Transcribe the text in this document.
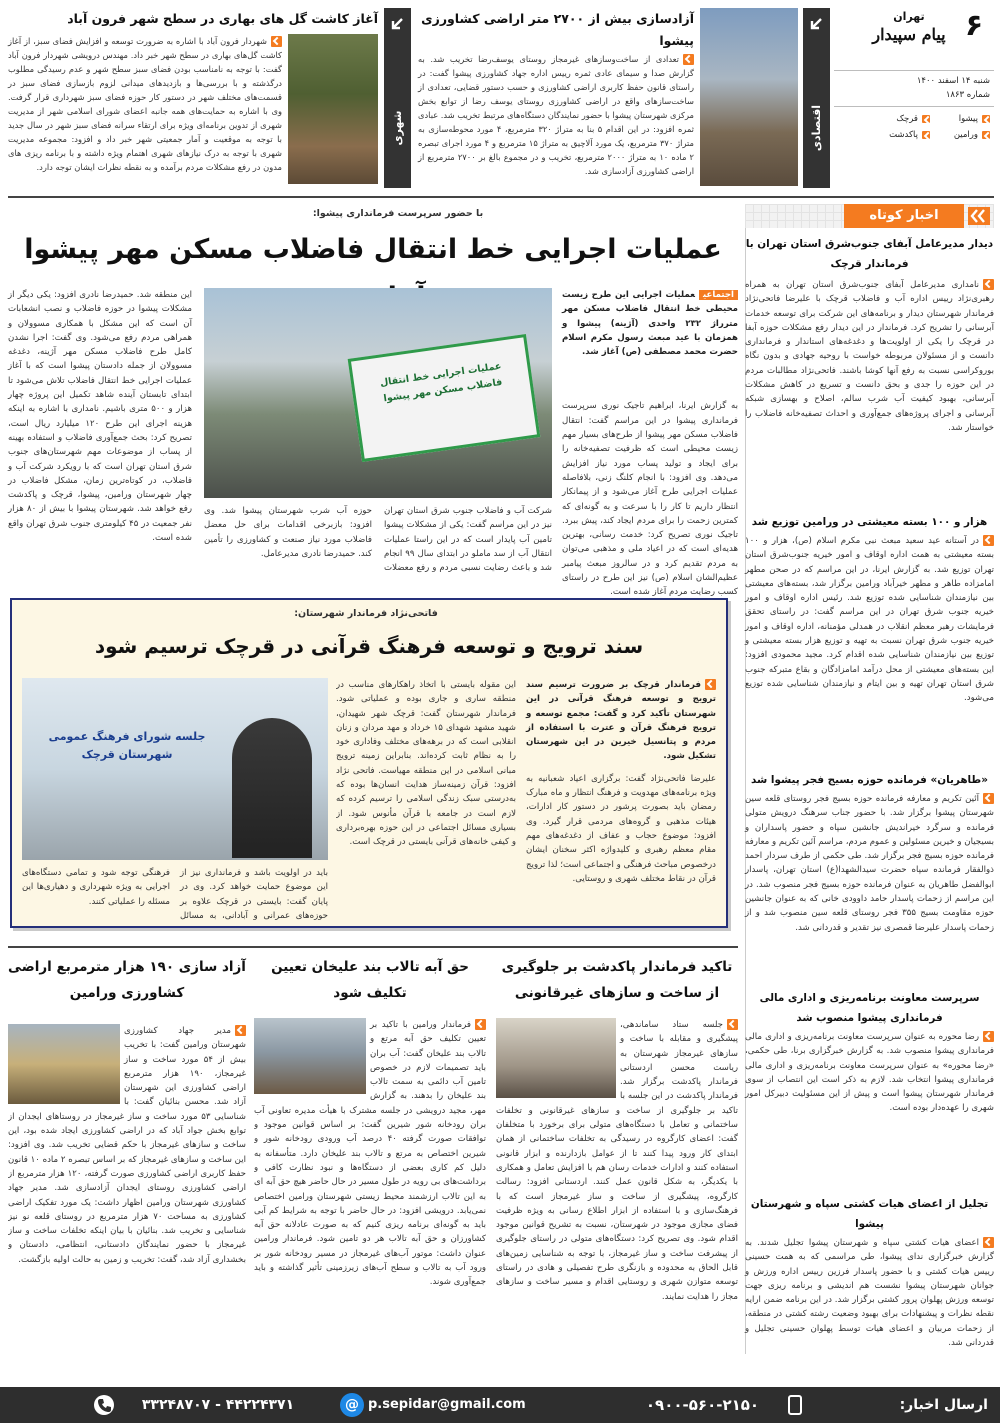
۶
تهران
پیام سپیدار
شنبه ۱۴ اسفند ۱۴۰۰
شماره ۱۸۶۳
پیشوا
قرچک
ورامین
پاکدشت
اقتصادی
آزادسازی بیش از ۲۷۰۰ متر اراضی کشاورزی پیشوا
تعدادی از ساخت‌وسازهای غیرمجاز روستای یوسف‌رضا تخریب شد. به گزارش صدا و سیمای عادی ثمره رییس اداره جهاد کشاورزی پیشوا گفت: در راستای قانون حفظ کاربری اراضی کشاورزی و حسب دستور قضایی، تعدادی از ساخت‌سازهای واقع در اراضی کشاورزی روستای یوسف رضا از توابع بخش مرکزی شهرستان پیشوا با حضور نمایندگان دستگاه‌های مرتبط تخریب شد. عبادی ثمره افزود: در این اقدام ۵ بنا به متراژ ۳۲۰ مترمربع، ۴ مورد محوطه‌سازی به متراژ ۳۷۰ مترمربع، یک مورد آلاچیق به متراژ ۱۵ مترمربع و ۴ مورد اجرای تبصره ۲ ماده ۱۰ به متراژ ۲۰۰۰ مترمربع، تخریب و در مجموع بالغ بر ۲۷۰۰ مترمربع از اراضی کشاورزی آزادسازی شد.
شهری
آغاز کاشت گل های بهاری در سطح شهر فرون آباد
شهردار فرون آباد با اشاره به ضرورت توسعه و افزایش فضای سبز، از آغاز کاشت گل‌های بهاری در سطح شهر خبر داد. مهندس درویشی شهردار فرون آباد گفت: با توجه به نامناسب بودن فضای سبز سطح شهر و عدم رسیدگی مطلوب درگذشته و با بررسی‌ها و بازدیدهای میدانی لزوم بازسازی فضای سبز در قسمت‌های مختلف شهر در دستور کار حوزه فضای سبز شهرداری قرار گرفت. وی با اشاره به حمایت‌های همه جانبه اعضای شورای اسلامی شهر از مدیریت شهری از تدوین برنامه‌ای ویژه برای ارتقاء سرانه فضای سبز شهر در سال جدید با توجه به موقعیت و آمار جمعیتی شهر خبر داد و افزود: مجموعه مدیریت شهری با توجه به درک نیازهای شهری اهتمام ویژه داشته و با برنامه ریزی های مدون در رفع مشکلات مردم برآمده و به نقطه نظرات ایشان توجه دارد.
اخبار کوتاه
دیدار مدیرعامل آبفای جنوب‌شرق استان تهران با فرماندار قرچک
نامداری مدیرعامل آبفای جنوب‌شرق استان تهران به همراه رهبری‌نژاد رییس اداره آب و فاضلاب قرچک با علیرضا فاتحی‌نژاد فرماندار شهرستان دیدار و برنامه‌های این شرکت برای توسعه خدمات آبرسانی را تشریح کرد. فرماندار در این دیدار رفع مشکلات حوزه آبفا در قرچک را یکی از اولویت‌ها و دغدغه‌های استاندار و فرمانداری دانست و از مسئولان مربوطه خواست با روحیه جهادی و بدون نگاه بوروکراسی نسبت به رفع آنها کوشا باشند. فاتحی‌نژاد مطالبات مردم در این حوزه را جدی و بحق دانست و تسریع در کاهش مشکلات آبرسانی، بهبود کیفیت آب شرب سالم، اصلاح و بهسازی شبکه آبرسانی و اجرای پروژه‌های جمع‌آوری و احداث تصفیه‌خانه فاضلاب را خواستار شد.
هزار و ۱۰۰ بسته معیشتی در ورامین توزیع شد
در آستانه عید سعید مبعث نبی مکرم اسلام (ص)، هزار و ۱۰۰ بسته معیشتی به همت اداره اوقاف و امور خیریه جنوب‌شرق استان تهران توزیع شد. به گزارش ایرنا، در این مراسم که در صحن مطهر امامزاده طاهر و مطهر خیرآباد ورامین برگزار شد، بسته‌های معیشتی بین نیازمندان شناسایی شده توزیع شد. رئیس اداره اوقاف و امور خیریه جنوب شرق تهران در این مراسم گفت: در راستای تحقق فرمایشات رهبر معظم انقلاب در همدلی مؤمنانه، اداره اوقاف و امور خیریه جنوب شرق تهران نسبت به تهیه و توزیع هزار بسته معیشتی و توزیع بین نیازمندان شناسایی شده اقدام کرد. مجید محمودی افزود: این بسته‌های معیشتی از محل درآمد امامزادگان و بقاع متبرکه جنوب شرق استان تهران تهیه و بین ایتام و نیازمندان شناسایی شده توزیع می‌شود.
«طاهریان» فرمانده حوزه بسیج فجر پیشوا شد
آئین تکریم و معارفه فرمانده حوزه بسیج فجر روستای قلعه سین شهرستان پیشوا برگزار شد. با حضور جناب سرهنگ درویش متولی فرمانده و سرگرد خیراندیش جانشین سپاه و حضور پاسداران و بسیجیان و خیرین مسئولین و عموم مردم، مراسم آئین تکریم و معارفه فرمانده حوزه بسیج فجر برگزار شد. طی حکمی از طرف سردار احمد ذوالفقار فرمانده سپاه حضرت سیدالشهدا(ع) استان تهران، پاسدار ابوالفضل طاهریان به عنوان فرمانده حوزه بسیج فجر منصوب شد. در این مراسم از زحمات پاسدار حامد داوودی خانی که به عنوان جانشین حوزه مقاومت بسیج ۳۵۵ فجر روستای قلعه سین منصوب شد و از زحمات پاسدار علیرضا قمصری نیز تقدیر و قدردانی شد.
سرپرست معاونت برنامه‌ریزی و اداری مالی فرمانداری پیشوا منصوب شد
رضا محوره به عنوان سرپرست معاونت برنامه‌ریزی و اداری مالی فرمانداری پیشوا منصوب شد. به گزارش خبرگزاری برنا، طی حکمی، «رضا محوره» به عنوان سرپرست معاونت برنامه‌ریزی و اداری مالی فرمانداری پیشوا انتخاب شد. لازم به ذکر است این انتصاب از سوی فرماندار شهرستان پیشوا است و پیش از این مسئولیت دبیرکل امور شهری را عهده‌دار بوده است.
تجلیل از اعضای هیات کشتی سپاه و شهرستان پیشوا
اعضای هیات کشتی سپاه و شهرستان پیشوا تجلیل شدند. به گزارش خبرگزاری ندای پیشوا، طی مراسمی که به همت حسینی رییس هیات کشتی و با حضور پاسدار فرزین رییس اداره ورزش و جوانان شهرستان پیشوا نشست هم اندیشی و برنامه ریزی جهت توسعه ورزش پهلوان پرور کشتی برگزار شد. در این برنامه ضمن ارایه نقطه نظرات و پیشنهادات برای بهبود وضعیت رشته کشتی در منطقه، از زحمات مربیان و اعضای هیات توسط پهلوان حسینی تجلیل و قدردانی شد.
با حضور سرپرست فرمانداری پیشوا:
عملیات اجرایی خط انتقال فاضلاب مسکن مهر پیشوا
اجتماعیعملیات اجرایی این طرح زیست محیطی خط انتقال فاضلاب مسکن مهر مترراژ ۲۳۲ واحدی (آژینه) پیشوا و همزمان با عید مبعث رسول مکرم اسلام حضرت محمد مصطفی (ص) آغاز شد.
به گزارش ایرنا، ابراهیم تاجیک نوری سرپرست فرمانداری پیشوا در این مراسم گفت: انتقال فاضلاب مسکن مهر پیشوا از طرح‌های بسیار مهم زیست محیطی است که ظرفیت تصفیه‌خانه را برای ایجاد و تولید پساب مورد نیاز افزایش می‌دهد. وی افزود: با انجام کلنگ زنی، بلافاصله عملیات اجرایی طرح آغاز می‌شود و از پیمانکار انتظار داریم تا کار را با سرعت و به گونه‌ای که کمترین زحمت را برای مردم ایجاد کند، پیش ببرد. تاجیک نوری تصریح کرد: خدمت رسانی، بهترین هدیه‌ای است که در اعیاد ملی و مذهبی می‌توان به مردم تقدیم کرد و در سالروز مبعث پیامبر عظیم‌الشان اسلام (ص) نیز این طرح در راستای کسب رضایت مردم آغاز شده است.
عملیات اجرایی خط انتقال فاضلاب مسکن مهر پیشوا
شرکت آب و فاضلاب جنوب شرق استان تهران نیز در این مراسم گفت: یکی از مشکلات پیشوا تامین آب پایدار است که در این راستا عملیات انتقال آب از سد ماملو در ابتدای سال ۹۹ انجام شد و باعث رضایت نسبی مردم و رفع معضلات حوزه آب شرب شهرستان پیشوا شد. وی افزود: بازبرخی اقدامات برای حل معضل فاضلاب مورد نیاز صنعت و کشاورزی را تأمین کند. حمیدرضا نادری مدیرعامل.
این منطقه شد. حمیدرضا نادری افزود: یکی دیگر از مشکلات پیشوا در حوزه فاضلاب و نصب انشعابات آن است که این مشکل با همکاری مسوولان و همراهی مردم رفع می‌شود. وی گفت: اجرا نشدن کامل طرح فاضلاب مسکن مهر آژینه، دغدغه مسوولان از جمله دادستان پیشوا است که با آغاز عملیات اجرایی خط انتقال فاضلاب تلاش می‌شود تا ابتدای تابستان آینده شاهد تکمیل این پروژه چهار هزار و ۵۰۰ متری باشیم. نامداری با اشاره به اینکه هزینه اجرای این طرح ۱۲۰ میلیارد ریال است، تصریح کرد: بحث جمع‌آوری فاضلاب و استفاده بهینه از پساب از موضوعات مهم شهرستان‌های جنوب شرق استان تهران است که با رویکرد شرکت آب و فاضلاب، در کوتاه‌ترین زمان، مشکل فاضلاب در چهار شهرستان ورامین، پیشوا، قرچک و پاکدشت رفع خواهد شد. شهرستان پیشوا با بیش از ۸۰ هزار نفر جمعیت در ۴۵ کیلومتری جنوب شرق تهران واقع شده است.
فاتحی‌نژاد فرماندار شهرستان:
سند ترویج و توسعه فرهنگ قرآنی در قرچک ترسیم شود
فرماندار قرچک بر ضرورت ترسیم سند ترویج و توسعه فرهنگ قرآنی در این شهرستان تأکید کرد و گفت: مجمع توسعه و ترویج فرهنگ قرآن و عترت با استفاده از مردم و پتانسیل خیرین در این شهرستان تشکیل شود.
علیرضا فاتحی‌نژاد گفت: برگزاری اعیاد شعبانیه به ویژه برنامه‌های مهدویت و فرهنگ انتظار و ماه مبارک رمضان باید بصورت پرشور در دستور کار ادارات، هیئات مذهبی و گروه‌های مردمی قرار گیرد. وی افزود: موضوع حجاب و عفاف از دغدغه‌های مهم مقام معظم رهبری و کلیدواژه اکثر سخنان ایشان درخصوص مباحث فرهنگی و اجتماعی است؛ لذا ترویج قرآن در نقاط مختلف شهری و روستایی.
این مقوله بایستی با اتخاذ راهکارهای مناسب در منطقه ساری و جاری بوده و عملیاتی شود. فرماندار شهرستان گفت: قرچک شهر شهیدان، شهید مشهد شهدای ۱۵ خرداد و مهد مردان و زنان انقلابی است که در برهه‌های مختلف وفاداری خود را به نظام ثابت کرده‌اند. بنابراین زمینه ترویج مبانی اسلامی در این منطقه مهیاست. فاتحی نژاد افزود: قرآن زمینه‌ساز هدایت انسان‌ها بوده که به‌درستی سبک زندگی اسلامی را ترسیم کرده که لازم است در جامعه با قرآن مأنوس شود. از بسیاری مسائل اجتماعی در این حوزه بهره‌برداری و کیفی خانه‌های قرآنی بایستی در قرچک است.
جلسه شورای فرهنگ عمومی شهرستان قرچک
باید در اولویت باشد و فرمانداری نیز از این موضوع حمایت خواهد کرد. وی در پایان گفت: بایستی در قرچک علاوه بر حوزه‌های عمرانی و آبادانی، به مسائل فرهنگی توجه شود و تمامی دستگاه‌های اجرایی به ویژه شهرداری و دهیاری‌ها این مسئله را عملیاتی کنند.
تاکید فرماندار پاکدشت بر جلوگیری از ساخت و سازهای غیرقانونی
جلسه ستاد ساماندهی، پیشگیری و مقابله با ساخت و سازهای غیرمجاز شهرستان به ریاست محسن اردستانی فرماندار پاکدشت برگزار شد. فرماندار پاکدشت در این جلسه با تاکید بر جلوگیری از ساخت و سازهای غیرقانونی و تخلفات ساختمانی و تعامل با دستگاه‌های متولی برای برخورد با متخلفان گفت: اعضای کارگروه در رسیدگی به تخلفات ساختمانی از همان ابتدای کار ورود پیدا کنند تا از عوامل بازدارنده و ابزار قانونی استفاده کنند و ادارات خدمات رسان هم با افزایش تعامل و همکاری با یکدیگر، به شکل قانون عمل کنند. اردستانی افزود: رسالت کارگروه، پیشگیری از ساخت و ساز غیرمجاز است که با فرهنگ‌سازی و با استفاده از ابزار اطلاع رسانی به ویژه ظرفیت فضای مجازی موجود در شهرستان، نسبت به تشریح قوانین موجود اقدام شود. وی تصریح کرد: دستگاه‌های متولی در راستای جلوگیری از پیشرفت ساخت و ساز غیرمجاز، با توجه به شناسایی زمین‌های قابل الحاق به محدوده و بازنگری طرح تفصیلی و هادی در راستای توسعه متوازن شهری و روستایی اقدام و مسیر ساخت و سازهای مجاز را هدایت نمایند.
حق آبه تالاب بند علیخان تعیین تکلیف شود
فرماندار ورامین با تاکید بر تعیین تکلیف حق آبه مرتع و تالاب بند علیخان گفت: آب بران باید تصمیمات لازم در خصوص تامین آب دائمی به سمت تالاب بند علیخان را بدهند. به گزارش مهر، مجید درویشی در جلسه مشترک با هیأت مدیره تعاونی آب بران رودخانه شور شیرین گفت: بر اساس قوانین موجود و توافقات صورت گرفته ۴۰ درصد آب ورودی رودخانه شور و شیرین اختصاص به مرتع و تالاب بند علیخان دارد. متأسفانه به دلیل کم کاری بعضی از دستگاه‌ها و نبود نظارت کافی و برداشت‌های بی رویه در طول مسیر در حال حاضر هیچ حق آبه ای به این تالاب ارزشمند محیط زیستی شهرستان ورامین اختصاص نمی‌یابد. درویشی افزود: در حال حاضر با توجه به شرایط کم آبی باید به گونه‌ای برنامه ریزی کنیم که به صورت عادلانه حق آبه کشاورزان و حق آبه تالاب هر دو تامین شود. فرماندار ورامین عنوان داشت: موتور آب‌های غیرمجاز در مسیر رودخانه شور بر ورود آب به تالاب و سطح آب‌های زیرزمینی تأثیر گذاشته و باید جمع‌آوری شوند.
آزاد سازی ۱۹۰ هزار مترمربع اراضی کشاورزی ورامین
مدیر جهاد کشاورزی شهرستان ورامین گفت: با تخریب بیش از ۵۴ مورد ساخت و ساز غیرمجاز، ۱۹۰ هزار مترمربع اراضی کشاورزی این شهرستان آزاد شد. محسن بنائیان گفت: با شناسایی ۵۳ مورد ساخت و ساز غیرمجاز در روستاهای ایجدان از توابع بخش جواد آباد که در اراضی کشاورزی ایجاد شده بود، این ساخت و سازهای غیرمجاز با حکم قضایی تخریب شد. وی افزود: این ساخت و سازهای غیرمجاز که بر اساس تبصره ۲ ماده ۱۰ قانون حفظ کاربری اراضی کشاورزی صورت گرفته، ۱۲۰ هزار مترمربع از اراضی کشاورزی روستای ایجدان آزادسازی شد. مدیر جهاد کشاورزی شهرستان ورامین اظهار داشت: یک مورد تفکیک اراضی کشاورزی به مساحت ۷۰ هزار مترمربع در روستای قلعه نو نیز شناسایی و تخریب شد. بنائیان با بیان اینکه تخلفات ساخت و ساز غیرمجاز با حضور نمایندگان دادستانی، انتظامی، دادستان و بخشداری آزاد شد، گفت: تخریب و زمین به حالت اولیه بازگشت.
ارسال اخبار:
۰۹۰۰-۵۶۰-۲۱۵۰
@ p.sepidar@gmail.com
۳۳۲۴۸۷۰۷ - ۴۴۲۲۴۳۷۱
